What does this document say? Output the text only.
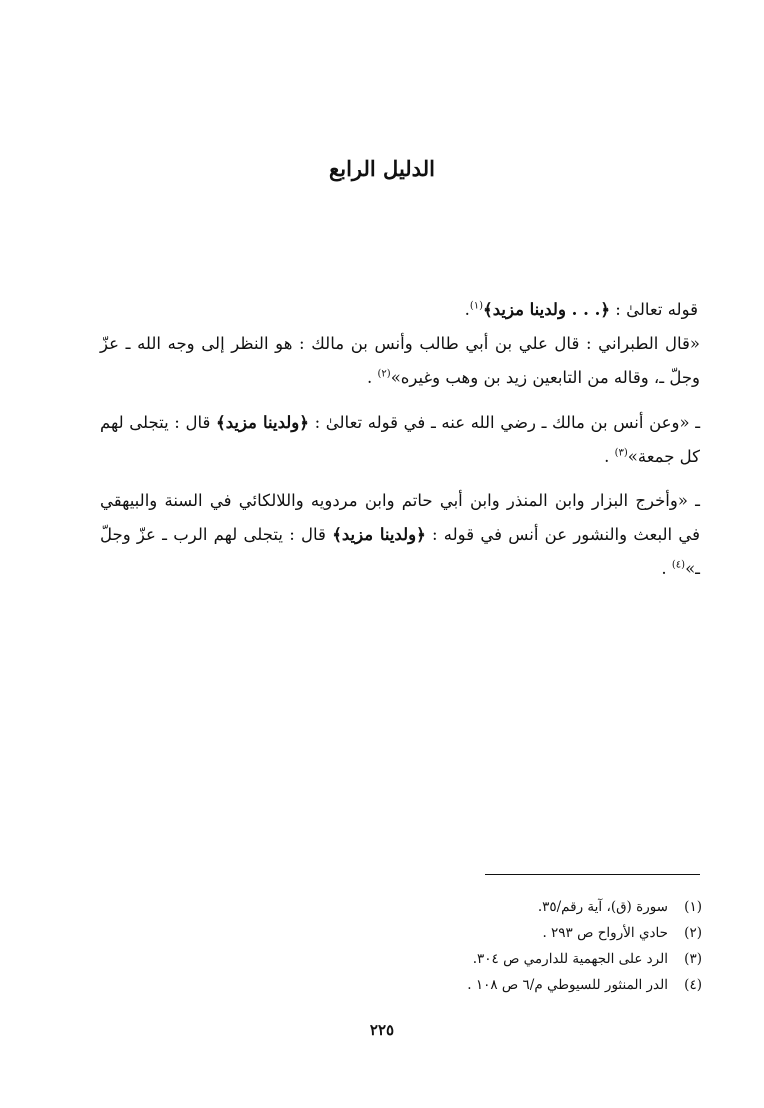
الدليل الرابع

قوله تعالىٰ : ﴿. . . ولدينا مزيد﴾$^{(١)}$.

«قال الطبراني : قال علي بن أبي طالب وأنس بن مالك : هو النظر إلى وجه الله ـ عزّ وجلّ ـ، وقاله من التابعين زيد بن وهب وغيره»$^{(٢)}$ .

ـ «وعن أنس بن مالك ـ رضي الله عنه ـ في قوله تعالىٰ : ﴿ولدينا مزيد﴾ قال : يتجلى لهم كل جمعة»$^{(٣)}$ .

ـ «وأخرج البزار وابن المنذر وابن أبي حاتم وابن مردويه واللالكائي في السنة والبيهقي في البعث والنشور عن أنس في قوله : ﴿ولدينا مزيد﴾ قال : يتجلى لهم الرب ـ عزّ وجلّ ـ»$^{(٤)}$ .

(١)
سورة (ق)، آية رقم/٣٥.
(٢)
حادي الأرواح ص ٢٩٣ .
(٣)
الرد على الجهمية للدارمي ص ٣٠٤.
(٤)
الدر المنثور للسيوطي م/٦ ص ١٠٨ .
٢٢٥
